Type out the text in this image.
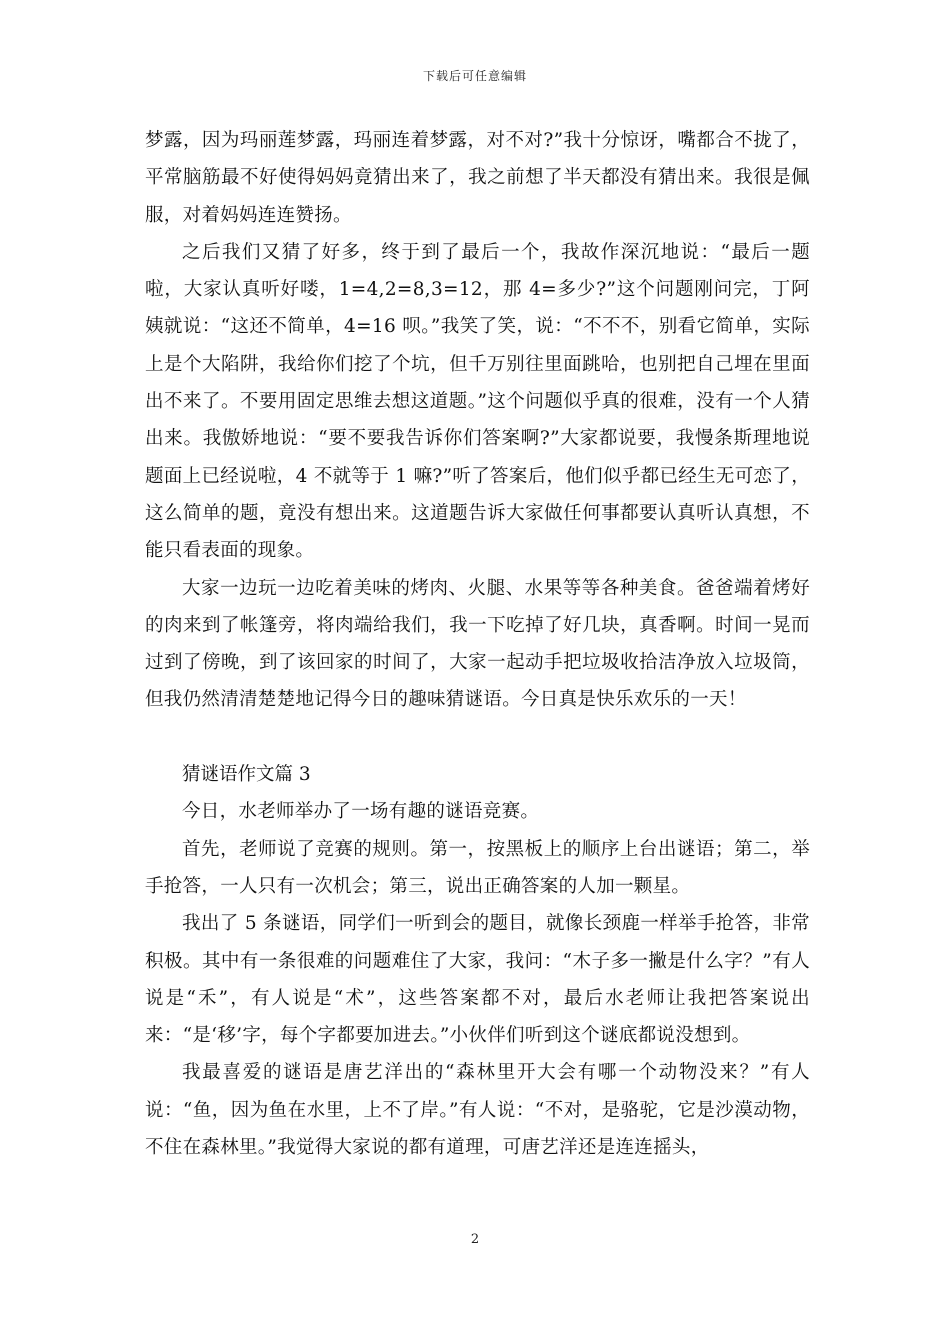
下载后可任意编辑

梦露，因为玛丽莲梦露，玛丽连着梦露，对不对?”我十分惊讶，嘴都合不拢了，平常脑筋最不好使得妈妈竟猜出来了，我之前想了半天都没有猜出来。我很是佩服，对着妈妈连连赞扬。

之后我们又猜了好多，终于到了最后一个，我故作深沉地说：“最后一题啦，大家认真听好喽，1=4,2=8,3=12，那 4=多少?”这个问题刚问完，丁阿姨就说：“这还不简单，4=16 呗。”我笑了笑，说：“不不不，别看它简单，实际上是个大陷阱，我给你们挖了个坑，但千万别往里面跳哈，也别把自己埋在里面出不来了。不要用固定思维去想这道题。”这个问题似乎真的很难，没有一个人猜出来。我傲娇地说：“要不要我告诉你们答案啊?”大家都说要，我慢条斯理地说题面上已经说啦，4 不就等于 1 嘛?”听了答案后，他们似乎都已经生无可恋了，这么简单的题，竟没有想出来。这道题告诉大家做任何事都要认真听认真想，不能只看表面的现象。

大家一边玩一边吃着美味的烤肉、火腿、水果等等各种美食。爸爸端着烤好的肉来到了帐篷旁，将肉端给我们，我一下吃掉了好几块，真香啊。时间一晃而过到了傍晚，到了该回家的时间了，大家一起动手把垃圾收拾洁净放入垃圾筒，但我仍然清清楚楚地记得今日的趣味猜谜语。今日真是快乐欢乐的一天！

猜谜语作文篇 3

今日，水老师举办了一场有趣的谜语竞赛。

首先，老师说了竞赛的规则。第一，按黑板上的顺序上台出谜语；第二，举手抢答，一人只有一次机会；第三，说出正确答案的人加一颗星。

我出了 5 条谜语，同学们一听到会的题目，就像长颈鹿一样举手抢答，非常积极。其中有一条很难的问题难住了大家，我问：“木子多一撇是什么字？”有人说是“禾”，有人说是“术”，这些答案都不对，最后水老师让我把答案说出来：“是‘移’字，每个字都要加进去。”小伙伴们听到这个谜底都说没想到。

我最喜爱的谜语是唐艺洋出的“森林里开大会有哪一个动物没来？”有人说：“鱼，因为鱼在水里，上不了岸。”有人说：“不对，是骆驼，它是沙漠动物，不住在森林里。”我觉得大家说的都有道理，可唐艺洋还是连连摇头，

2
